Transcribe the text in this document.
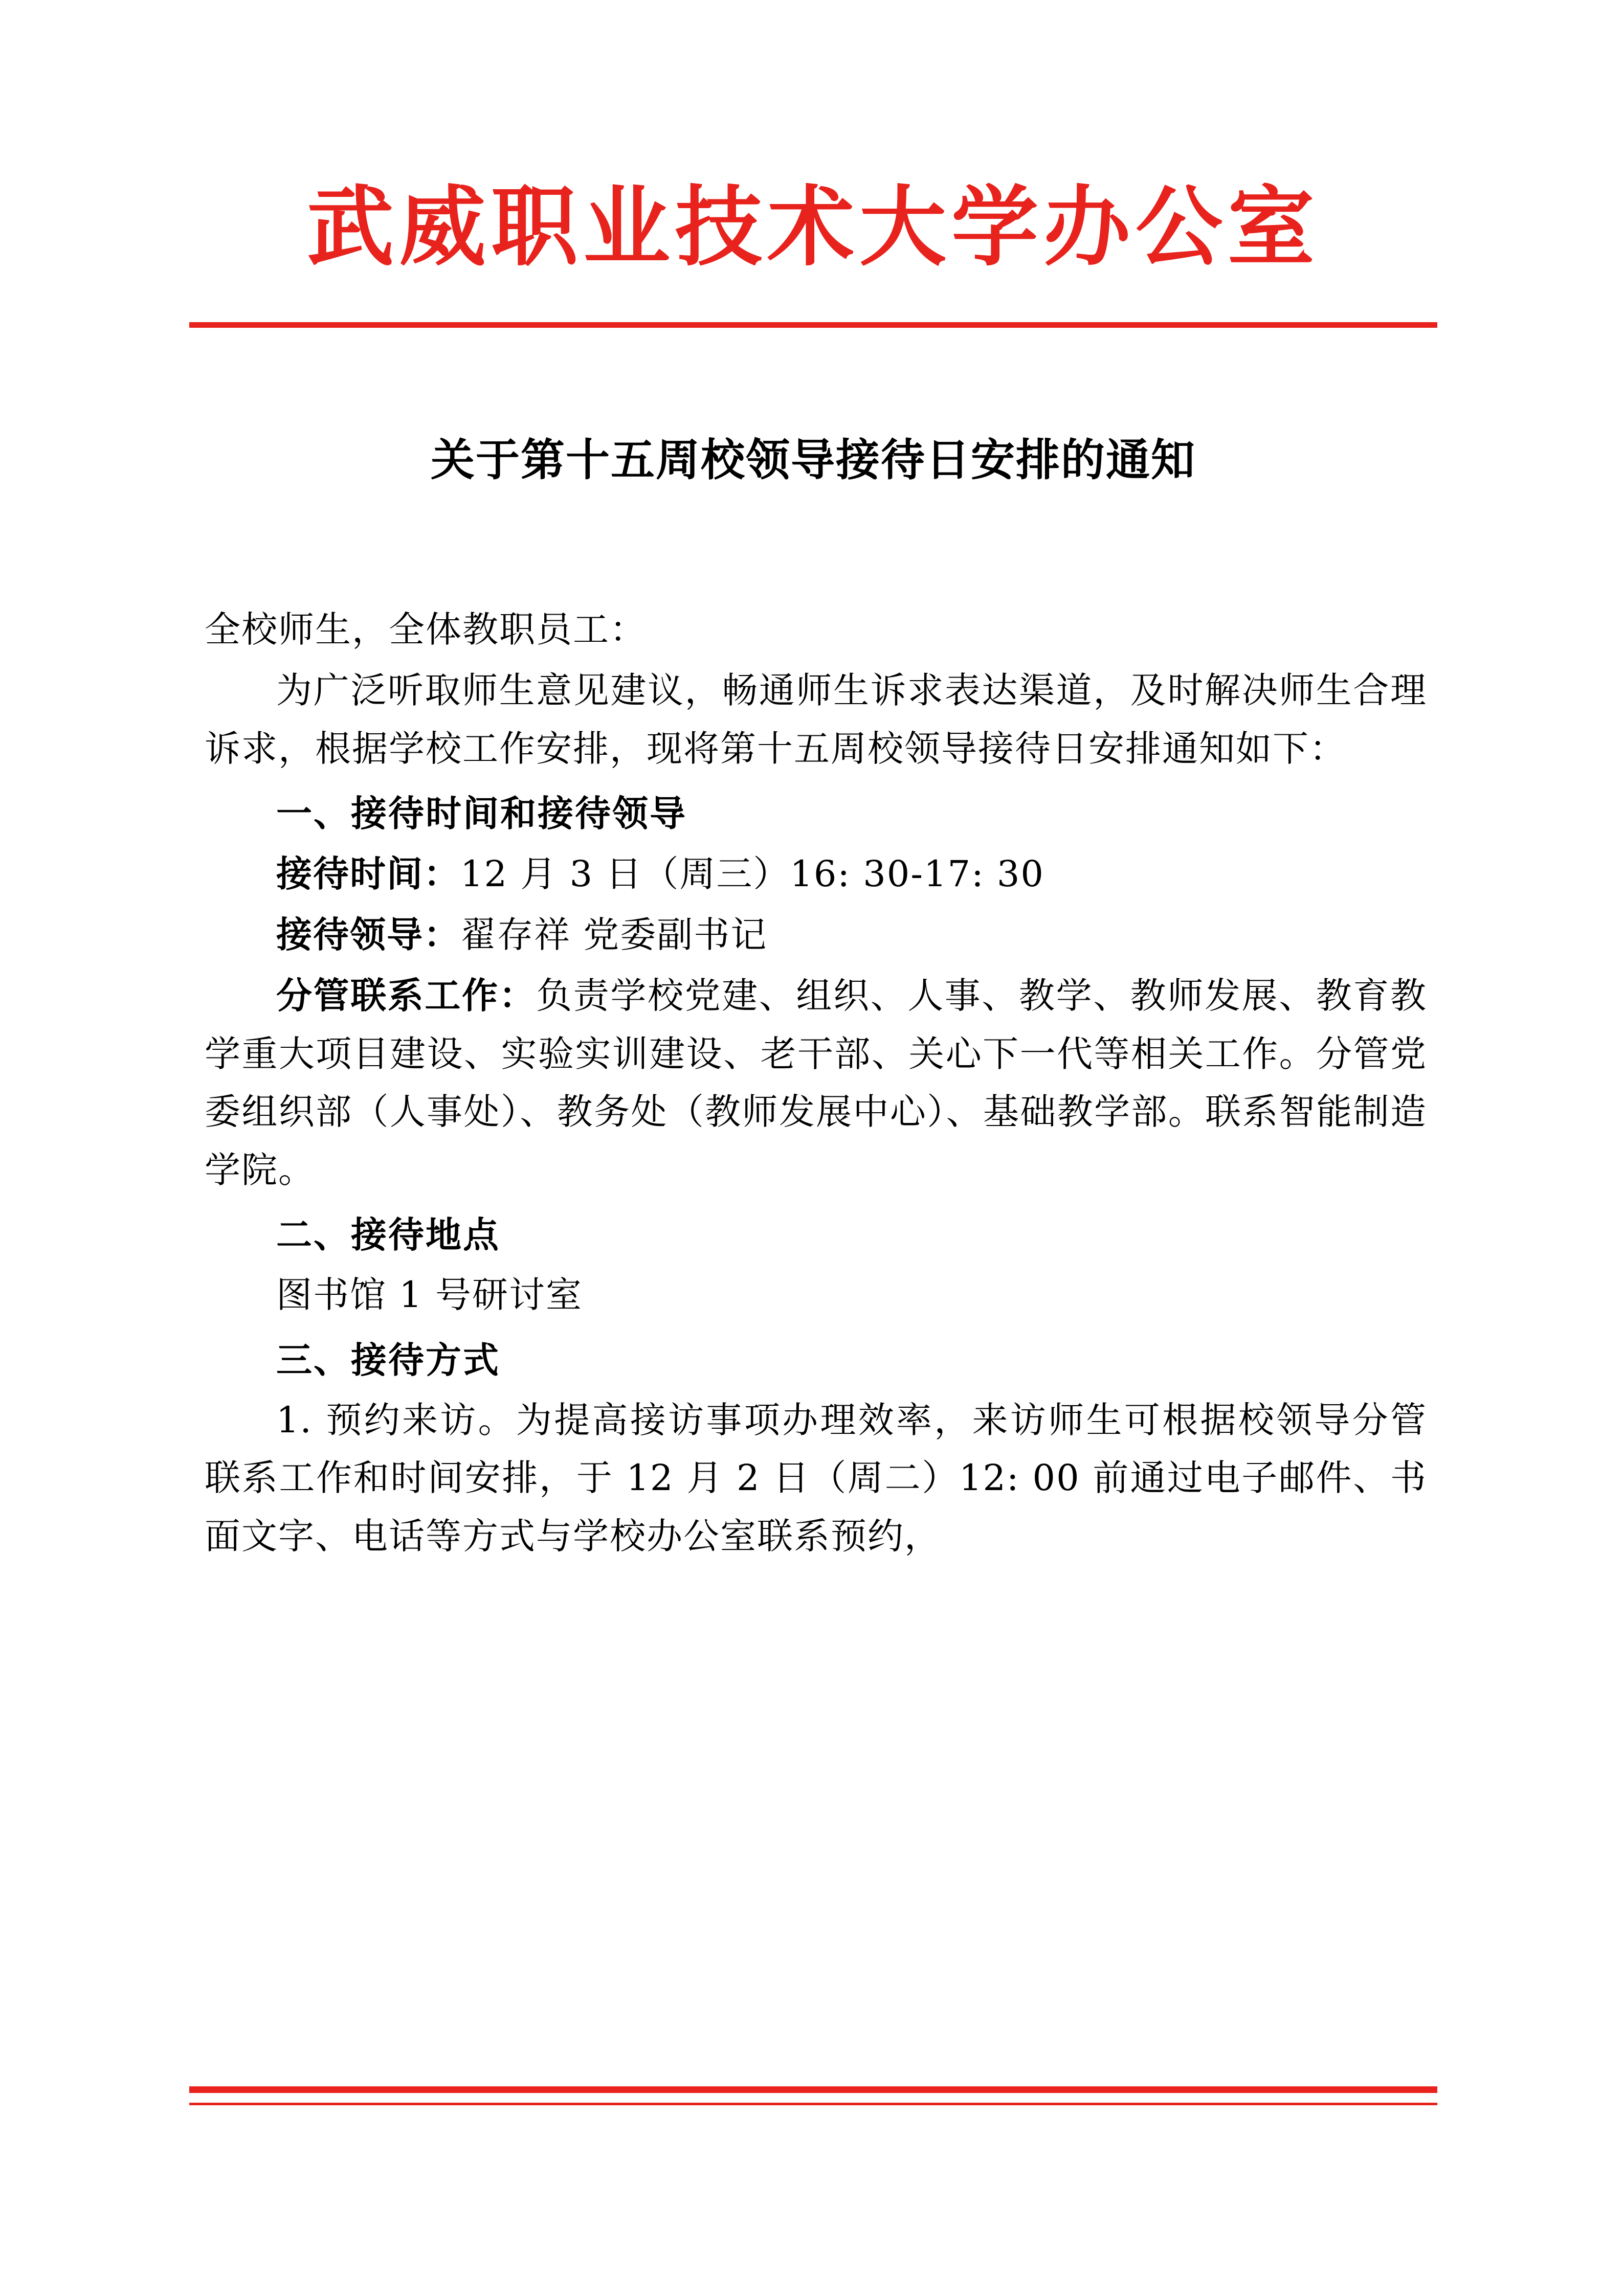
武威职业技术大学办公室
关于第十五周校领导接待日安排的通知

全校师生，全体教职员工：

为广泛听取师生意见建议，畅通师生诉求表达渠道，及时解决师生合理诉求，根据学校工作安排，现将第十五周校领导接待日安排通知如下：

一、接待时间和接待领导

接待时间：12 月 3 日（周三）16: 30-17: 30

接待领导：翟存祥 党委副书记

分管联系工作：负责学校党建、组织、人事、教学、教师发展、教育教学重大项目建设、实验实训建设、老干部、关心下一代等相关工作。分管党委组织部（人事处）、教务处（教师发展中心）、基础教学部。联系智能制造学院。

二、接待地点

图书馆 1 号研讨室

三、接待方式

1. 预约来访。为提高接访事项办理效率，来访师生可根据校领导分管联系工作和时间安排，于 12 月 2 日（周二）12: 00 前通过电子邮件、书面文字、电话等方式与学校办公室联系预约，
